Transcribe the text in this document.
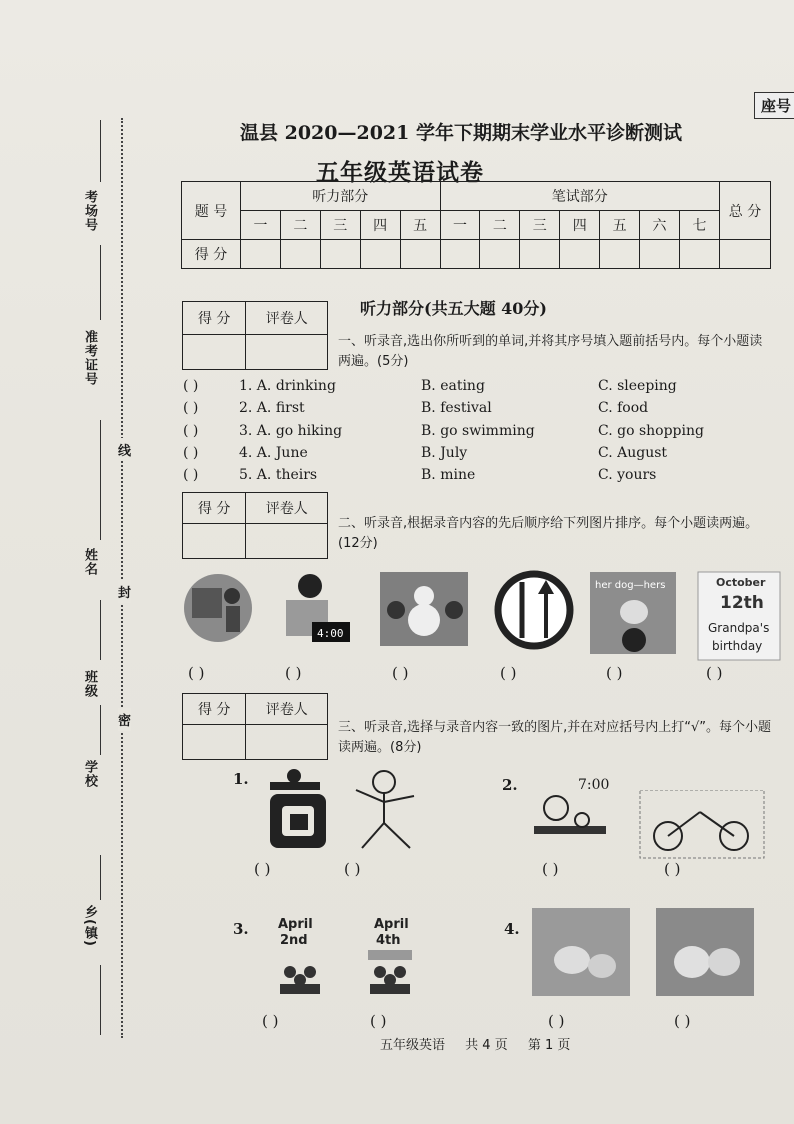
座号
考场号
准考证号
姓名
班级
学校
乡(镇)
线
封
密
温县 2020—2021 学年下期期末学业水平诊断测试
五年级英语试卷
题 号	听力部分					笔试部分							总 分
	一	二	三	四	五	一	二	三	四	五	六	七	
得 分													
听力部分(共五大题 40分)
得 分	评卷人

一、听录音,选出你所听到的单词,并将其序号填入题前括号内。每个小题读两遍。(5分)
( )	1. A. drinking	B. eating	C. sleeping
( )	2. A. first	B. festival	C. food
( )	3. A. go hiking	B. go swimming	C. go shopping
( )	4. A. June	B. July	C. August
( )	5. A. theirs	B. mine	C. yours
得 分	评卷人

二、听录音,根据录音内容的先后顺序给下列图片排序。每个小题读两遍。(12分)
4:00
her dog—hers	October
12th
Grandpa's
birthday
( )	( )	( )	( )	( )	( )
得 分	评卷人

三、听录音,选择与录音内容一致的图片,并在对应括号内上打“√”。每个小题读两遍。(8分)
1.
( )	( )
2.	7:00
( )	( )
3. April
2nd
April
4th
( )	( )
4.
( )	( )
五年级英语 共 4 页 第 1 页
